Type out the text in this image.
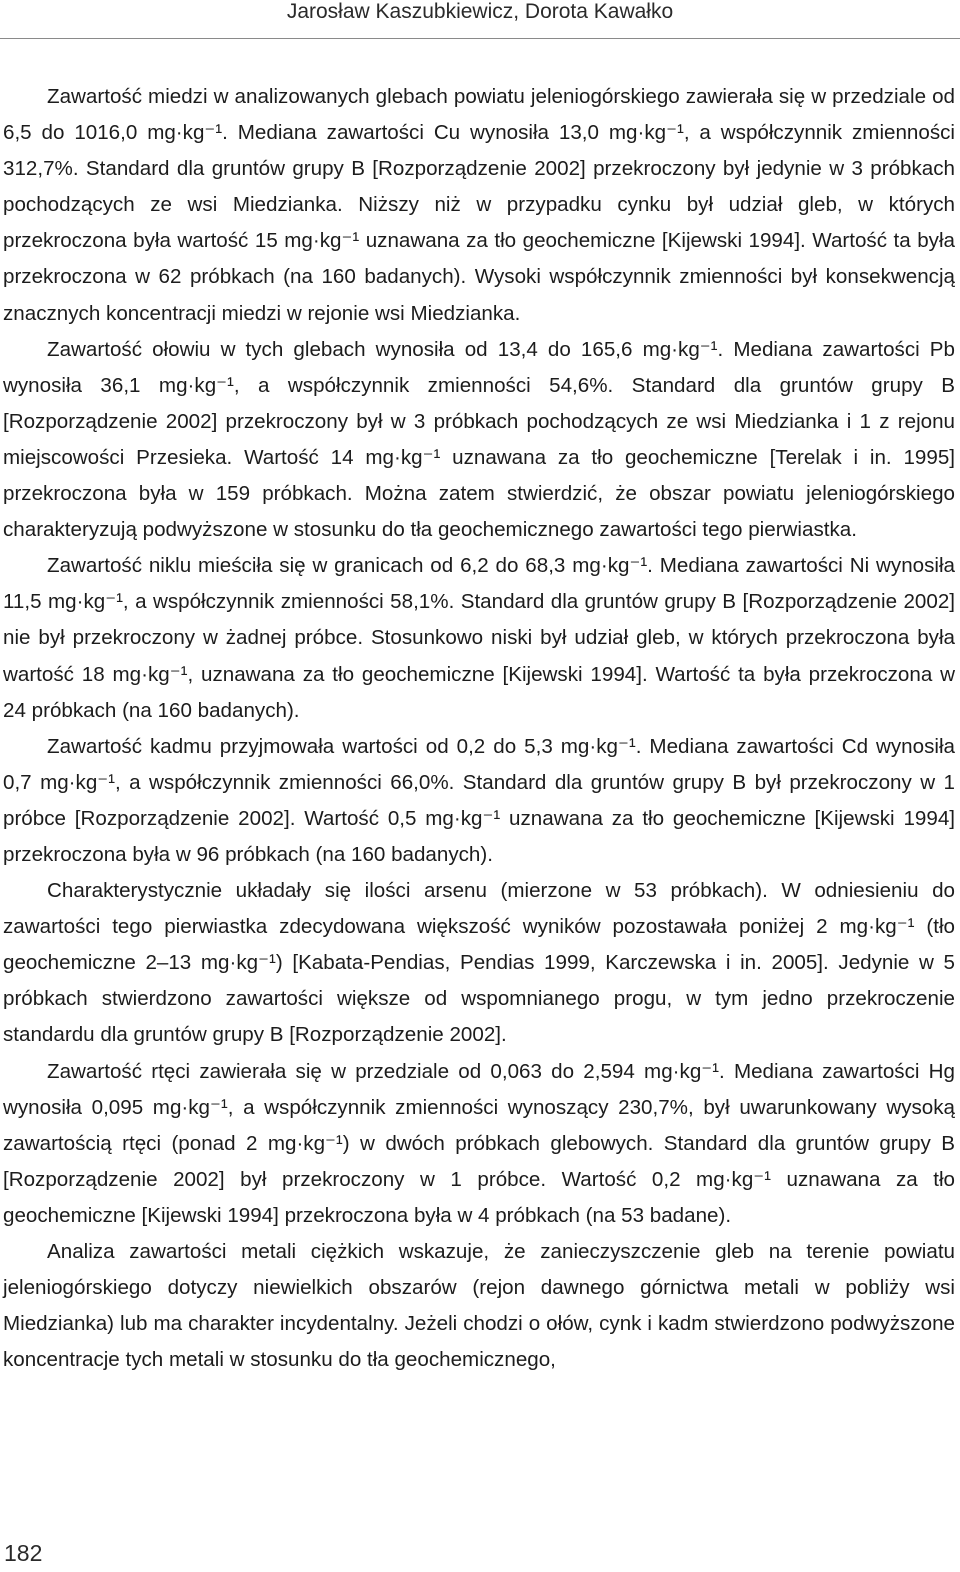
Jarosław Kaszubkiewicz, Dorota Kawałko

Zawartość miedzi w analizowanych glebach powiatu jeleniogórskiego zawierała się w przedziale od 6,5 do 1016,0 mg·kg⁻¹. Mediana zawartości Cu wynosiła 13,0 mg·kg⁻¹, a współczynnik zmienności 312,7%. Standard dla gruntów grupy B [Rozporządzenie 2002] przekroczony był jedynie w 3 próbkach pochodzących ze wsi Miedzianka. Niższy niż w przypadku cynku był udział gleb, w których przekroczona była wartość 15 mg·kg⁻¹ uznawana za tło geochemiczne [Kijewski 1994]. Wartość ta była przekroczona w 62 próbkach (na 160 badanych). Wysoki współczynnik zmienności był konsekwencją znacznych koncentracji miedzi w rejonie wsi Miedzianka.

Zawartość ołowiu w tych glebach wynosiła od 13,4 do 165,6 mg·kg⁻¹. Mediana zawartości Pb wynosiła 36,1 mg·kg⁻¹, a współczynnik zmienności 54,6%. Standard dla gruntów grupy B [Rozporządzenie 2002] przekroczony był w 3 próbkach pochodzących ze wsi Miedzianka i 1 z rejonu miejscowości Przesieka. Wartość 14 mg·kg⁻¹ uznawana za tło geochemiczne [Terelak i in. 1995] przekroczona była w 159 próbkach. Można zatem stwierdzić, że obszar powiatu jeleniogórskiego charakteryzują podwyższone w stosunku do tła geochemicznego zawartości tego pierwiastka.

Zawartość niklu mieściła się w granicach od 6,2 do 68,3 mg·kg⁻¹. Mediana zawartości Ni wynosiła 11,5 mg·kg⁻¹, a współczynnik zmienności 58,1%. Standard dla gruntów grupy B [Rozporządzenie 2002] nie był przekroczony w żadnej próbce. Stosunkowo niski był udział gleb, w których przekroczona była wartość 18 mg·kg⁻¹, uznawana za tło geochemiczne [Kijewski 1994]. Wartość ta była przekroczona w 24 próbkach (na 160 badanych).

Zawartość kadmu przyjmowała wartości od 0,2 do 5,3 mg·kg⁻¹. Mediana zawartości Cd wynosiła 0,7 mg·kg⁻¹, a współczynnik zmienności 66,0%. Standard dla gruntów grupy B był przekroczony w 1 próbce [Rozporządzenie 2002]. Wartość 0,5 mg·kg⁻¹ uznawana za tło geochemiczne [Kijewski 1994] przekroczona była w 96 próbkach (na 160 badanych).

Charakterystycznie układały się ilości arsenu (mierzone w 53 próbkach). W odniesieniu do zawartości tego pierwiastka zdecydowana większość wyników pozostawała poniżej 2 mg·kg⁻¹ (tło geochemiczne 2–13 mg·kg⁻¹) [Kabata-Pendias, Pendias 1999, Karczewska i in. 2005]. Jedynie w 5 próbkach stwierdzono zawartości większe od wspomnianego progu, w tym jedno przekroczenie standardu dla gruntów grupy B [Rozporządzenie 2002].

Zawartość rtęci zawierała się w przedziale od 0,063 do 2,594 mg·kg⁻¹. Mediana zawartości Hg wynosiła 0,095 mg·kg⁻¹, a współczynnik zmienności wynoszący 230,7%, był uwarunkowany wysoką zawartością rtęci (ponad 2 mg·kg⁻¹) w dwóch próbkach glebowych. Standard dla gruntów grupy B [Rozporządzenie 2002] był przekroczony w 1 próbce. Wartość 0,2 mg·kg⁻¹ uznawana za tło geochemiczne [Kijewski 1994] przekroczona była w 4 próbkach (na 53 badane).

Analiza zawartości metali ciężkich wskazuje, że zanieczyszczenie gleb na terenie powiatu jeleniogórskiego dotyczy niewielkich obszarów (rejon dawnego górnictwa metali w pobliży wsi Miedzianka) lub ma charakter incydentalny. Jeżeli chodzi o ołów, cynk i kadm stwierdzono podwyższone koncentracje tych metali w stosunku do tła geochemicznego,

182
